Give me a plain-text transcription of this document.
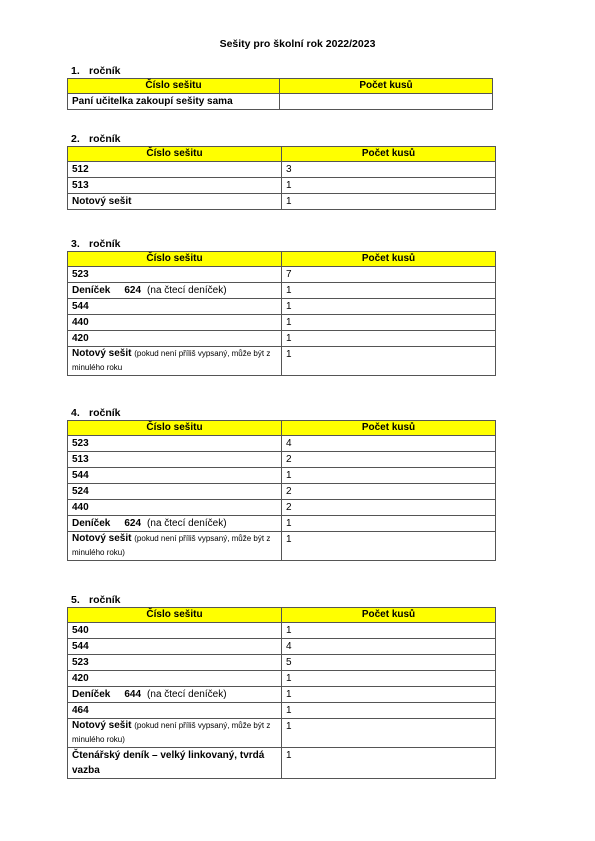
Sešity pro školní rok 2022/2023
1. ročník
Číslo sešitu	Počet kusů
Paní učitelka zakoupí sešity sama	
2. ročník
Číslo sešitu	Počet kusů
512	3
513	1
Notový sešit	1
3. ročník
Číslo sešitu	Počet kusů
523	7
Deníček 624 (na čtecí deníček)	1
544	1
440	1
420	1
Notový sešit (pokud není příliš vypsaný, může být z minulého roku	1
4. ročník
Číslo sešitu	Počet kusů
523	4
513	2
544	1
524	2
440	2
Deníček 624 (na čtecí deníček)	1
Notový sešit (pokud není příliš vypsaný, může být z minulého roku)	1
5. ročník
Číslo sešitu	Počet kusů
540	1
544	4
523	5
420	1
Deníček 644 (na čtecí deníček)	1
464	1
Notový sešit (pokud není příliš vypsaný, může být z minulého roku)	1
Čtenářský deník – velký linkovaný, tvrdá vazba	1
